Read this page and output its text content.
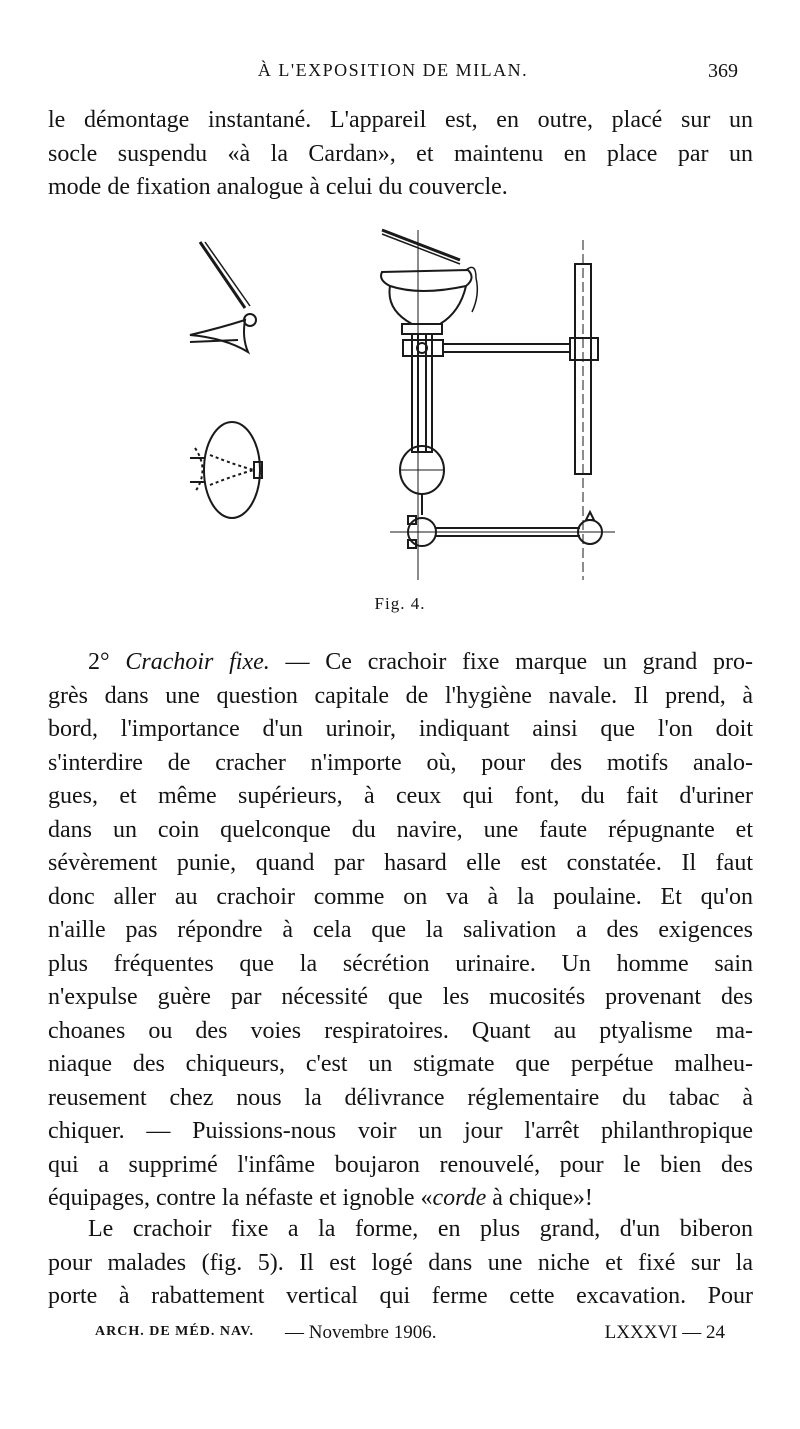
À L'EXPOSITION DE MILAN.	369
le démontage instantané. L'appareil est, en outre, placé sur un
socle suspendu «à la Cardan», et maintenu en place par un
mode de fixation analogue à celui du couvercle.
Fig. 4.
2° Crachoir fixe. — Ce crachoir fixe marque un grand pro-
grès dans une question capitale de l'hygiène navale. Il prend, à
bord, l'importance d'un urinoir, indiquant ainsi que l'on doit
s'interdire de cracher n'importe où, pour des motifs analo-
gues, et même supérieurs, à ceux qui font, du fait d'uriner
dans un coin quelconque du navire, une faute répugnante et
sévèrement punie, quand par hasard elle est constatée. Il faut
donc aller au crachoir comme on va à la poulaine. Et qu'on
n'aille pas répondre à cela que la salivation a des exigences
plus fréquentes que la sécrétion urinaire. Un homme sain
n'expulse guère par nécessité que les mucosités provenant des
choanes ou des voies respiratoires. Quant au ptyalisme ma-
niaque des chiqueurs, c'est un stigmate que perpétue malheu-
reusement chez nous la délivrance réglementaire du tabac à
chiquer. — Puissions-nous voir un jour l'arrêt philanthropique
qui a supprimé l'infâme boujaron renouvelé, pour le bien des
équipages, contre la néfaste et ignoble «corde à chique»!
Le crachoir fixe a la forme, en plus grand, d'un biberon
pour malades (fig. 5). Il est logé dans une niche et fixé sur la
porte à rabattement vertical qui ferme cette excavation. Pour
ARCH. DE MÉD. NAV. — Novembre 1906.	LXXXVI — 24
